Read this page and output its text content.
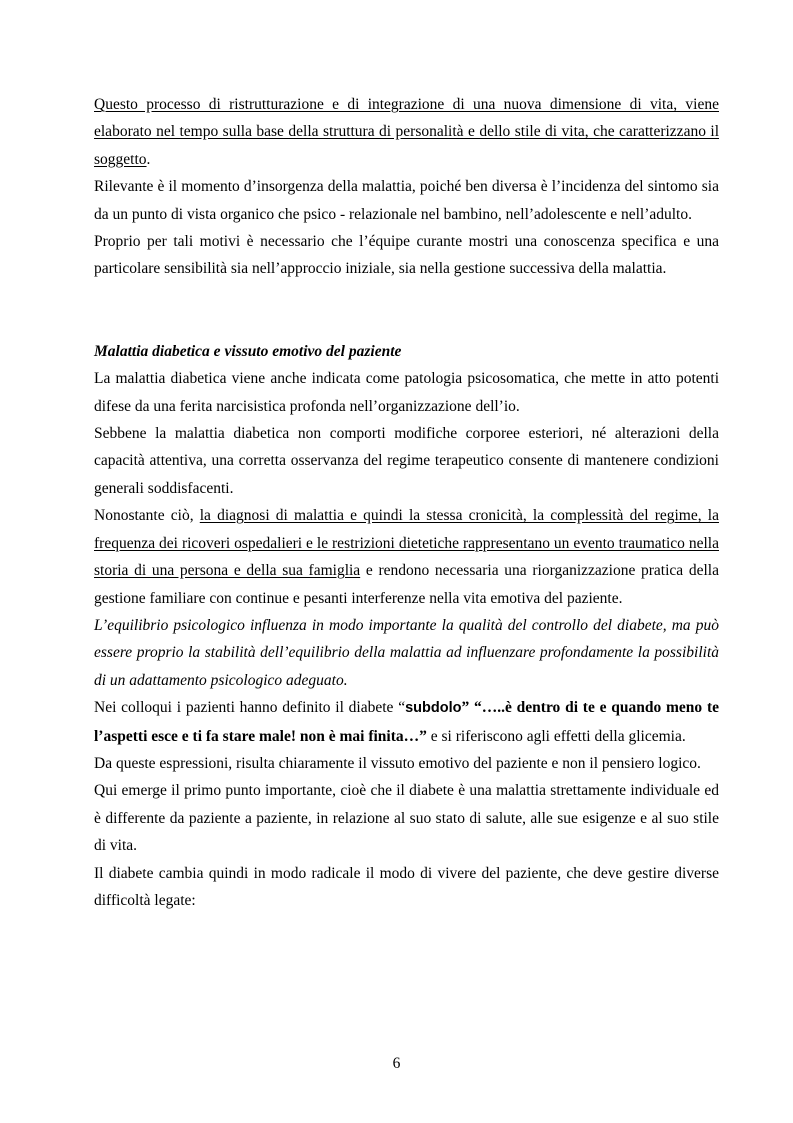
Questo processo di ristrutturazione e di integrazione di una nuova dimensione di vita, viene elaborato nel tempo sulla base della struttura di personalità e dello stile di vita, che caratterizzano il soggetto.

Rilevante è il momento d’insorgenza della malattia, poiché ben diversa è l’incidenza del sintomo sia da un punto di vista organico che psico - relazionale nel bambino, nell’adolescente e nell’adulto.

Proprio per tali motivi è necessario che l’équipe curante mostri una conoscenza specifica e una particolare sensibilità sia nell’approccio iniziale, sia nella gestione successiva della malattia.

Malattia diabetica e vissuto emotivo del paziente

La malattia diabetica viene anche indicata come patologia psicosomatica, che mette in atto potenti difese da una ferita narcisistica profonda nell’organizzazione dell’io.

Sebbene la malattia diabetica non comporti modifiche corporee esteriori, né alterazioni della capacità attentiva, una corretta osservanza del regime terapeutico consente di mantenere condizioni generali soddisfacenti.

Nonostante ciò, la diagnosi di malattia e quindi la stessa cronicità, la complessità del regime, la frequenza dei ricoveri ospedalieri e le restrizioni dietetiche rappresentano un evento traumatico nella storia di una persona e della sua famiglia e rendono necessaria una riorganizzazione pratica della gestione familiare con continue e pesanti interferenze nella vita emotiva del paziente.

L’equilibrio psicologico influenza in modo importante la qualità del controllo del diabete, ma può essere proprio la stabilità dell’equilibrio della malattia ad influenzare profondamente la possibilità di un adattamento psicologico adeguato.

Nei colloqui i pazienti hanno definito il diabete “subdolo” “…..è dentro di te e quando meno te l’aspetti esce e ti fa stare male! non è mai finita…” e si riferiscono agli effetti della glicemia.

Da queste espressioni, risulta chiaramente il vissuto emotivo del paziente e non il pensiero logico.

Qui emerge il primo punto importante, cioè che il diabete è una malattia strettamente individuale ed è differente da paziente a paziente, in relazione al suo stato di salute, alle sue esigenze e al suo stile di vita.

Il diabete cambia quindi in modo radicale il modo di vivere del paziente, che deve gestire diverse difficoltà legate:

6
